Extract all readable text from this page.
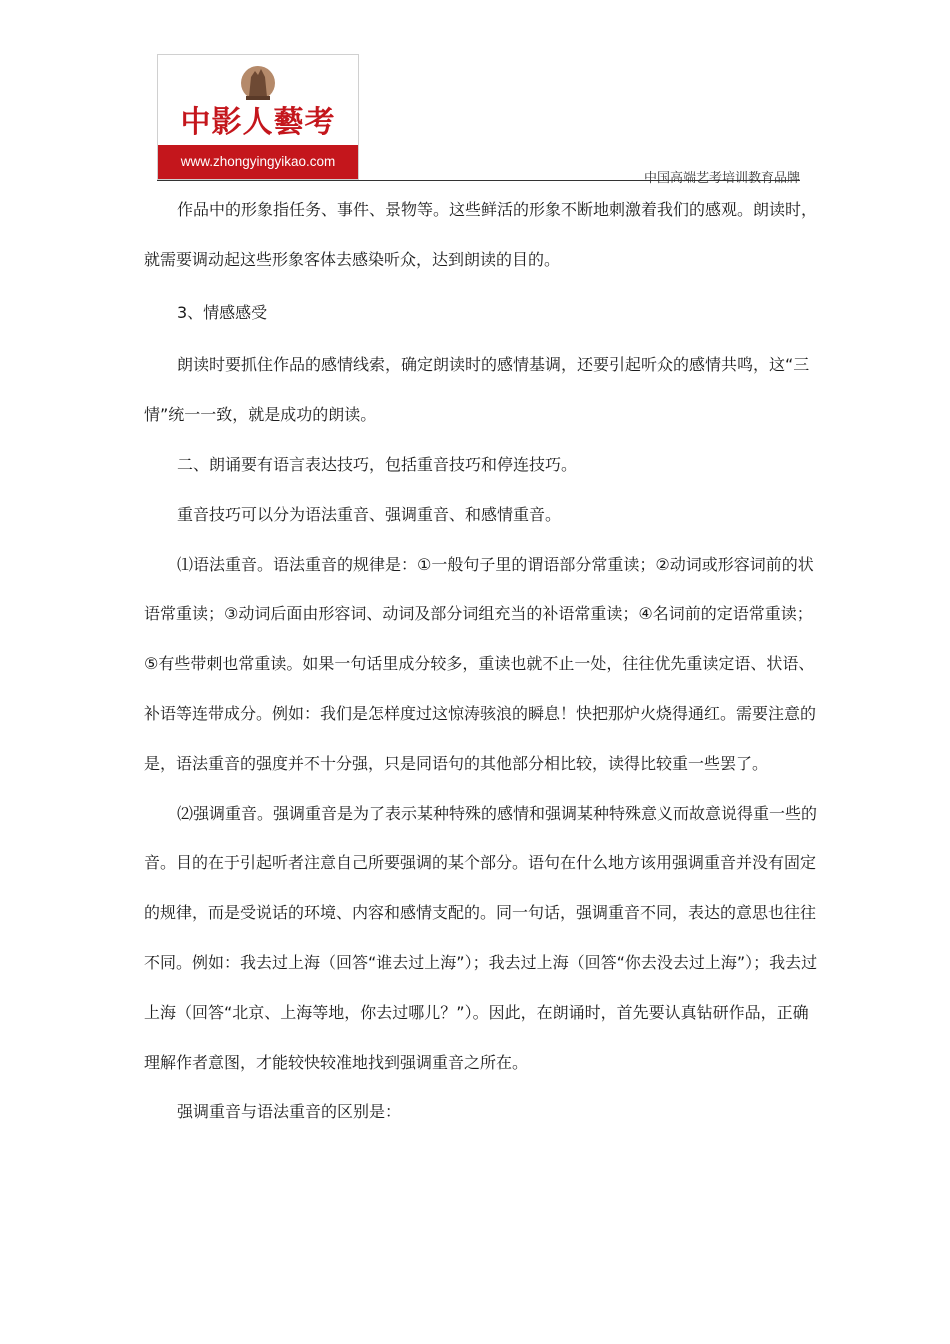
中影人藝考
www.zhongyingyikao.com
中国高端艺考培训教育品牌

作品中的形象指任务、事件、景物等。这些鲜活的形象不断地刺激着我们的感观。朗读时，就需要调动起这些形象客体去感染听众，达到朗读的目的。

3、情感感受

朗读时要抓住作品的感情线索，确定朗读时的感情基调，还要引起听众的感情共鸣，这“三情”统一一致，就是成功的朗读。

二、朗诵要有语言表达技巧，包括重音技巧和停连技巧。

重音技巧可以分为语法重音、强调重音、和感情重音。

⑴语法重音。语法重音的规律是：①一般句子里的谓语部分常重读；②动词或形容词前的状语常重读；③动词后面由形容词、动词及部分词组充当的补语常重读；④名词前的定语常重读；⑤有些带刺也常重读。如果一句话里成分较多，重读也就不止一处，往往优先重读定语、状语、补语等连带成分。例如：我们是怎样度过这惊涛骇浪的瞬息！快把那炉火烧得通红。需要注意的是，语法重音的强度并不十分强，只是同语句的其他部分相比较，读得比较重一些罢了。

⑵强调重音。强调重音是为了表示某种特殊的感情和强调某种特殊意义而故意说得重一些的音。目的在于引起听者注意自己所要强调的某个部分。语句在什么地方该用强调重音并没有固定的规律，而是受说话的环境、内容和感情支配的。同一句话，强调重音不同，表达的意思也往往不同。例如：我去过上海（回答“谁去过上海”）；我去过上海（回答“你去没去过上海”）；我去过上海（回答“北京、上海等地，你去过哪儿？”）。因此，在朗诵时，首先要认真钻研作品，正确理解作者意图，才能较快较准地找到强调重音之所在。

强调重音与语法重音的区别是：
